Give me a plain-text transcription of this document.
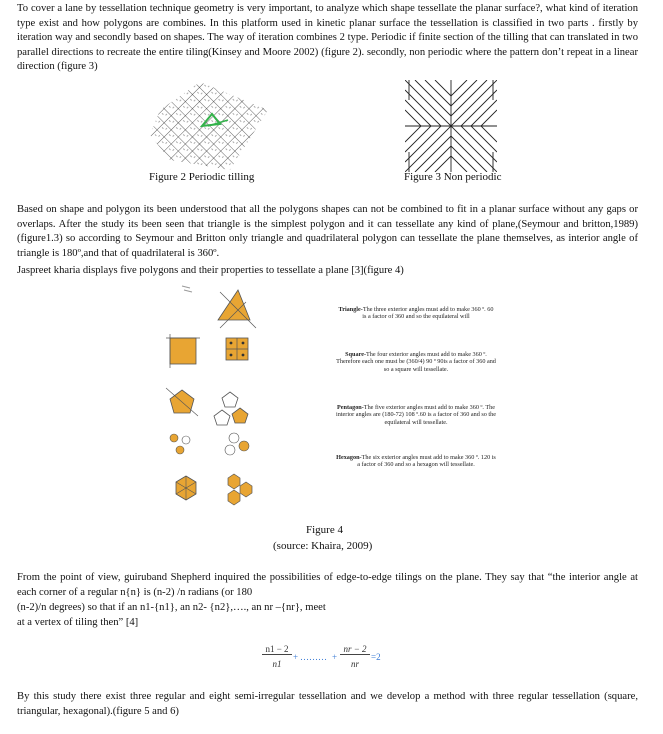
To cover a lane by tessellation technique geometry is very important, to analyze which shape tessellate the planar surface?, what kind of iteration type exist and how polygons are combines. In this platform used in kinetic planar surface the tessellation is classified in two parts . firstly by iteration way and secondly based on shapes. The way of iteration combines 2 type. Periodic if finite section of the tilling that can translated in two parallel directions to recreate the entire tiling(Kinsey and Moore 2002) (figure 2). secondly, non periodic where the pattern don’t repeat in a linear direction (figure 3)

Figure 2 Periodic tilling	Figure 3 Non periodic

Based on shape and polygon its been understood that all the polygons shapes can not be combined to fit in a planar surface without any gaps or overlaps. After the study its been seen that triangle is the simplest polygon and it can tessellate any kind of plane,(Seymour and britton,1989)(figure1.3) so according to Seymour and Britton only triangle and quadrilateral polygon can tessellate the plane themselves, as interior angle of triangle is 180º,and that of quadrilateral is 360º.

Jaspreet kharia displays five polygons and their properties to tessellate a plane [3](figure 4)

Triangle-The three exterior angles must add to make 360 º. 60 is a factor of 360 and so the equilateral will
Square-The four exterior angles must add to make 360 º. Therefore each one must be (360/4) 90 º 90is a factor of 360 and so a square will tessellate.
Pentagon-The five exterior angles must add to make 360 º. The interior angles are (180-72) 108 º.60 is a factor of 360 and so the equilateral will tessellate.
Hexagon-The six exterior angles must add to make 360 º. 120 is a factor of 360 and so a hexagon will tessellate.
Figure 4
(source: Khaira, 2009)

From the point of view, guiruband Shepherd inquired the possibilities of edge-to-edge tilings on the plane. They say that “the interior angle at each corner of a regular n{n} is (n-2) /n radians (or 180

(n-2)/n degrees) so that if an n1-{n1}, an n2- {n2},…., an nr –{nr}, meet

at a vertex of tiling then” [4]

n1 − 2
n1
+ ……… +
nr − 2
nr
=2

By this study there exist three regular and eight semi-irregular tessellation and we develop a method with three regular tessellation (square, triangular, hexagonal).(figure 5 and 6)
